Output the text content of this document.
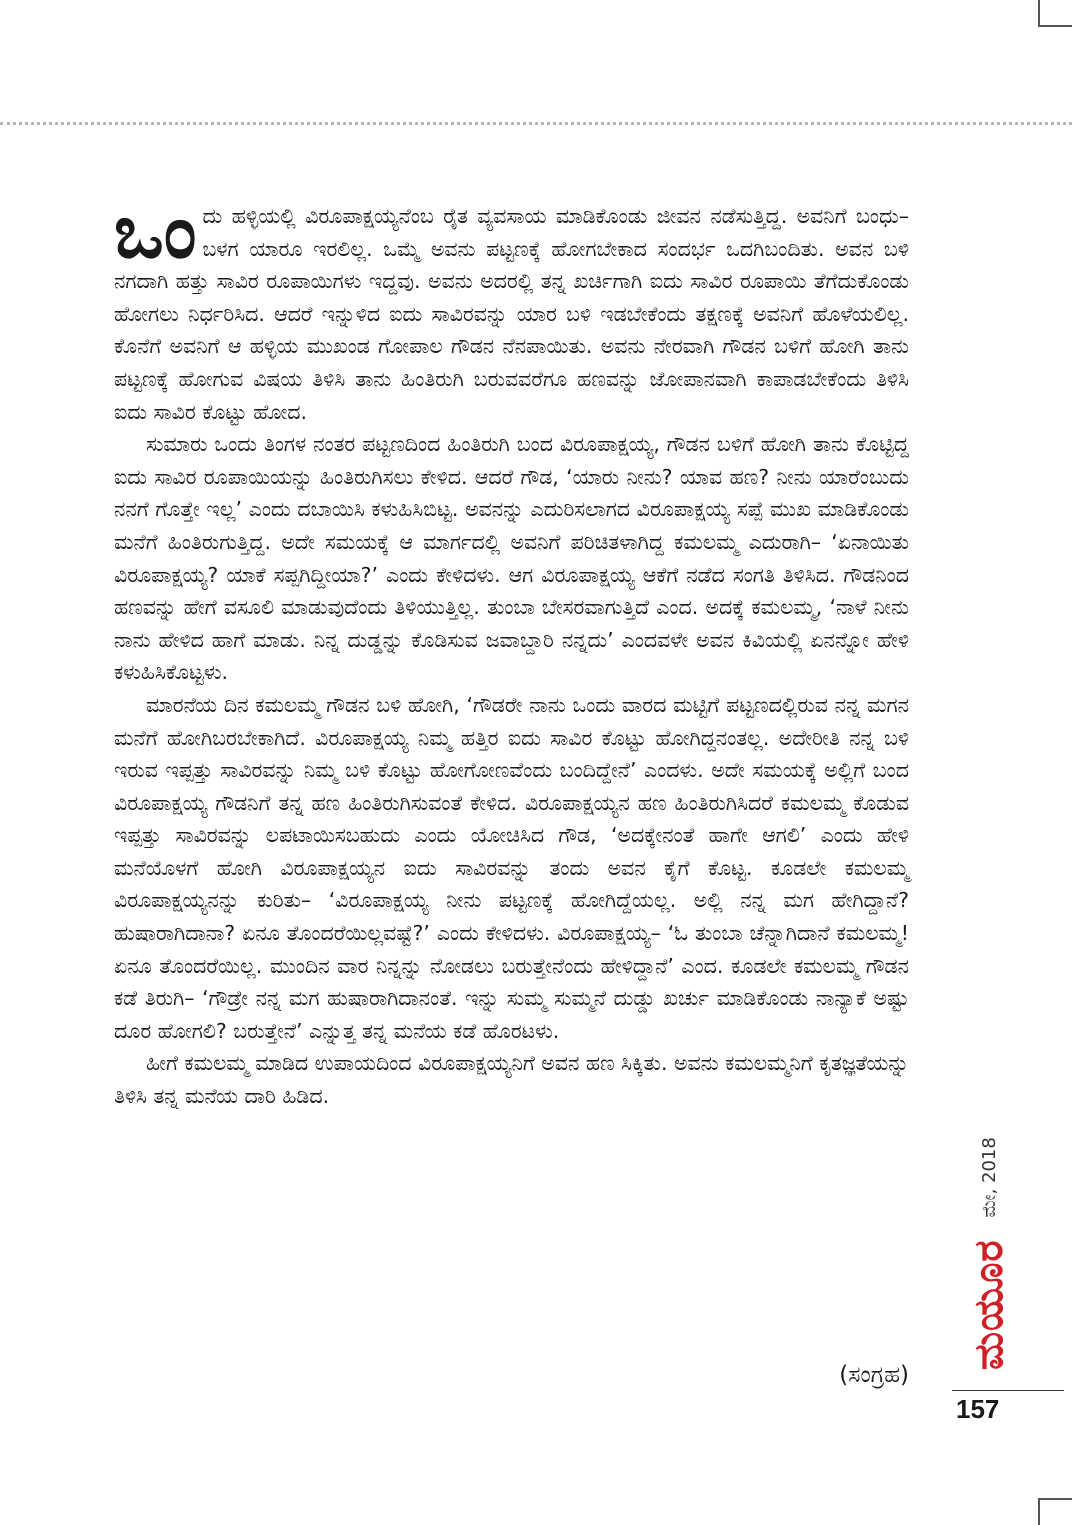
ಒಂದು ಹಳ್ಳಿಯಲ್ಲಿ ವಿರೂಪಾಕ್ಷಯ್ಯನೆಂಬ ರೈತ ವ್ಯವಸಾಯ ಮಾಡಿಕೊಂಡು ಜೀವನ ನಡೆಸುತ್ತಿದ್ದ. ಅವನಿಗೆ ಬಂಧು–ಬಳಗ ಯಾರೂ ಇರಲಿಲ್ಲ. ಒಮ್ಮೆ ಅವನು ಪಟ್ಟಣಕ್ಕೆ ಹೋಗಬೇಕಾದ ಸಂದರ್ಭ ಒದಗಿಬಂದಿತು. ಅವನ ಬಳಿ ನಗದಾಗಿ ಹತ್ತು ಸಾವಿರ ರೂಪಾಯಿಗಳು ಇದ್ದವು. ಅವನು ಅದರಲ್ಲಿ ತನ್ನ ಖರ್ಚಿಗಾಗಿ ಐದು ಸಾವಿರ ರೂಪಾಯಿ ತೆಗೆದುಕೊಂಡು ಹೋಗಲು ನಿರ್ಧರಿಸಿದ. ಆದರೆ ಇನ್ನುಳಿದ ಐದು ಸಾವಿರವನ್ನು ಯಾರ ಬಳಿ ಇಡಬೇಕೆಂದು ತಕ್ಷಣಕ್ಕೆ ಅವನಿಗೆ ಹೊಳೆಯಲಿಲ್ಲ. ಕೊನೆಗೆ ಅವನಿಗೆ ಆ ಹಳ್ಳಿಯ ಮುಖಂಡ ಗೋಪಾಲ ಗೌಡನ ನೆನಪಾಯಿತು. ಅವನು ನೇರವಾಗಿ ಗೌಡನ ಬಳಿಗೆ ಹೋಗಿ ತಾನು ಪಟ್ಟಣಕ್ಕೆ ಹೋಗುವ ವಿಷಯ ತಿಳಿಸಿ ತಾನು ಹಿಂತಿರುಗಿ ಬರುವವರೆಗೂ ಹಣವನ್ನು ಜೋಪಾನವಾಗಿ ಕಾಪಾಡಬೇಕೆಂದು ತಿಳಿಸಿ ಐದು ಸಾವಿರ ಕೊಟ್ಟು ಹೋದ.

ಸುಮಾರು ಒಂದು ತಿಂಗಳ ನಂತರ ಪಟ್ಟಣದಿಂದ ಹಿಂತಿರುಗಿ ಬಂದ ವಿರೂಪಾಕ್ಷಯ್ಯ, ಗೌಡನ ಬಳಿಗೆ ಹೋಗಿ ತಾನು ಕೊಟ್ಟಿದ್ದ ಐದು ಸಾವಿರ ರೂಪಾಯಿಯನ್ನು ಹಿಂತಿರುಗಿಸಲು ಕೇಳಿದ. ಆದರೆ ಗೌಡ, ‘ಯಾರು ನೀನು? ಯಾವ ಹಣ? ನೀನು ಯಾರೆಂಬುದು ನನಗೆ ಗೊತ್ತೇ ಇಲ್ಲ’ ಎಂದು ದಬಾಯಿಸಿ ಕಳುಹಿಸಿಬಿಟ್ಟ. ಅವನನ್ನು ಎದುರಿಸಲಾಗದ ವಿರೂಪಾಕ್ಷಯ್ಯ ಸಪ್ಪೆ ಮುಖ ಮಾಡಿಕೊಂಡು ಮನೆಗೆ ಹಿಂತಿರುಗುತ್ತಿದ್ದ. ಅದೇ ಸಮಯಕ್ಕೆ ಆ ಮಾರ್ಗದಲ್ಲಿ ಅವನಿಗೆ ಪರಿಚಿತಳಾಗಿದ್ದ ಕಮಲಮ್ಮ ಎದುರಾಗಿ– ‘ಏನಾಯಿತು ವಿರೂಪಾಕ್ಷಯ್ಯ? ಯಾಕೆ ಸಪ್ಪಗಿದ್ದೀಯಾ?’ ಎಂದು ಕೇಳಿದಳು. ಆಗ ವಿರೂಪಾಕ್ಷಯ್ಯ ಆಕೆಗೆ ನಡೆದ ಸಂಗತಿ ತಿಳಿಸಿದ. ಗೌಡನಿಂದ ಹಣವನ್ನು ಹೇಗೆ ವಸೂಲಿ ಮಾಡುವುದೆಂದು ತಿಳಿಯುತ್ತಿಲ್ಲ. ತುಂಬಾ ಬೇಸರವಾಗುತ್ತಿದೆ ಎಂದ. ಅದಕ್ಕೆ ಕಮಲಮ್ಮ, ‘ನಾಳೆ ನೀನು ನಾನು ಹೇಳಿದ ಹಾಗೆ ಮಾಡು. ನಿನ್ನ ದುಡ್ಡನ್ನು ಕೊಡಿಸುವ ಜವಾಬ್ದಾರಿ ನನ್ನದು’ ಎಂದವಳೇ ಅವನ ಕಿವಿಯಲ್ಲಿ ಏನನ್ನೋ ಹೇಳಿ ಕಳುಹಿಸಿಕೊಟ್ಟಳು.

ಮಾರನೆಯ ದಿನ ಕಮಲಮ್ಮ ಗೌಡನ ಬಳಿ ಹೋಗಿ, ‘ಗೌಡರೇ ನಾನು ಒಂದು ವಾರದ ಮಟ್ಟಿಗೆ ಪಟ್ಟಣದಲ್ಲಿರುವ ನನ್ನ ಮಗನ ಮನೆಗೆ ಹೋಗಿಬರಬೇಕಾಗಿದೆ. ವಿರೂಪಾಕ್ಷಯ್ಯ ನಿಮ್ಮ ಹತ್ತಿರ ಐದು ಸಾವಿರ ಕೊಟ್ಟು ಹೋಗಿದ್ದನಂತಲ್ಲ. ಅದೇರೀತಿ ನನ್ನ ಬಳಿ ಇರುವ ಇಪ್ಪತ್ತು ಸಾವಿರವನ್ನು ನಿಮ್ಮ ಬಳಿ ಕೊಟ್ಟು ಹೋಗೋಣವೆಂದು ಬಂದಿದ್ದೇನೆ’ ಎಂದಳು. ಅದೇ ಸಮಯಕ್ಕೆ ಅಲ್ಲಿಗೆ ಬಂದ ವಿರೂಪಾಕ್ಷಯ್ಯ ಗೌಡನಿಗೆ ತನ್ನ ಹಣ ಹಿಂತಿರುಗಿಸುವಂತೆ ಕೇಳಿದ. ವಿರೂಪಾಕ್ಷಯ್ಯನ ಹಣ ಹಿಂತಿರುಗಿಸಿದರೆ ಕಮಲಮ್ಮ ಕೊಡುವ ಇಪ್ಪತ್ತು ಸಾವಿರವನ್ನು ಲಪಟಾಯಿಸಬಹುದು ಎಂದು ಯೋಚಿಸಿದ ಗೌಡ, ‘ಅದಕ್ಕೇನಂತೆ ಹಾಗೇ ಆಗಲಿ’ ಎಂದು ಹೇಳಿ ಮನೆಯೊಳಗೆ ಹೋಗಿ ವಿರೂಪಾಕ್ಷಯ್ಯನ ಐದು ಸಾವಿರವನ್ನು ತಂದು ಅವನ ಕೈಗೆ ಕೊಟ್ಟ. ಕೂಡಲೇ ಕಮಲಮ್ಮ ವಿರೂಪಾಕ್ಷಯ್ಯನನ್ನು ಕುರಿತು– ‘ವಿರೂಪಾಕ್ಷಯ್ಯ ನೀನು ಪಟ್ಟಣಕ್ಕೆ ಹೋಗಿದ್ದೆಯಲ್ಲ. ಅಲ್ಲಿ ನನ್ನ ಮಗ ಹೇಗಿದ್ದಾನೆ? ಹುಷಾರಾಗಿದಾನಾ? ಏನೂ ತೊಂದರೆಯಿಲ್ಲವಷ್ಟೆ?’ ಎಂದು ಕೇಳಿದಳು. ವಿರೂಪಾಕ್ಷಯ್ಯ– ‘ಓ ತುಂಬಾ ಚೆನ್ನಾಗಿದಾನೆ ಕಮಲಮ್ಮ! ಏನೂ ತೊಂದರೆಯಿಲ್ಲ. ಮುಂದಿನ ವಾರ ನಿನ್ನನ್ನು ನೋಡಲು ಬರುತ್ತೇನೆಂದು ಹೇಳಿದ್ದಾನೆ’ ಎಂದ. ಕೂಡಲೇ ಕಮಲಮ್ಮ ಗೌಡನ ಕಡೆ ತಿರುಗಿ– ‘ಗೌಡ್ರೇ ನನ್ನ ಮಗ ಹುಷಾರಾಗಿದಾನಂತೆ. ಇನ್ನು ಸುಮ್ಮ ಸುಮ್ಮನೆ ದುಡ್ಡು ಖರ್ಚು ಮಾಡಿಕೊಂಡು ನಾನ್ಯಾಕೆ ಅಷ್ಟು ದೂರ ಹೋಗಲಿ? ಬರುತ್ತೇನೆ’ ಎನ್ನುತ್ತ ತನ್ನ ಮನೆಯ ಕಡೆ ಹೊರಟಳು.

ಹೀಗೆ ಕಮಲಮ್ಮ ಮಾಡಿದ ಉಪಾಯದಿಂದ ವಿರೂಪಾಕ್ಷಯ್ಯನಿಗೆ ಅವನ ಹಣ ಸಿಕ್ಕಿತು. ಅವನು ಕಮಲಮ್ಮನಿಗೆ ಕೃತಜ್ಞತೆಯನ್ನು ತಿಳಿಸಿ ತನ್ನ ಮನೆಯ ದಾರಿ ಹಿಡಿದ.

(ಸಂಗ್ರಹ)
ಮಯೂರ
ಮೇ, 2018
157
